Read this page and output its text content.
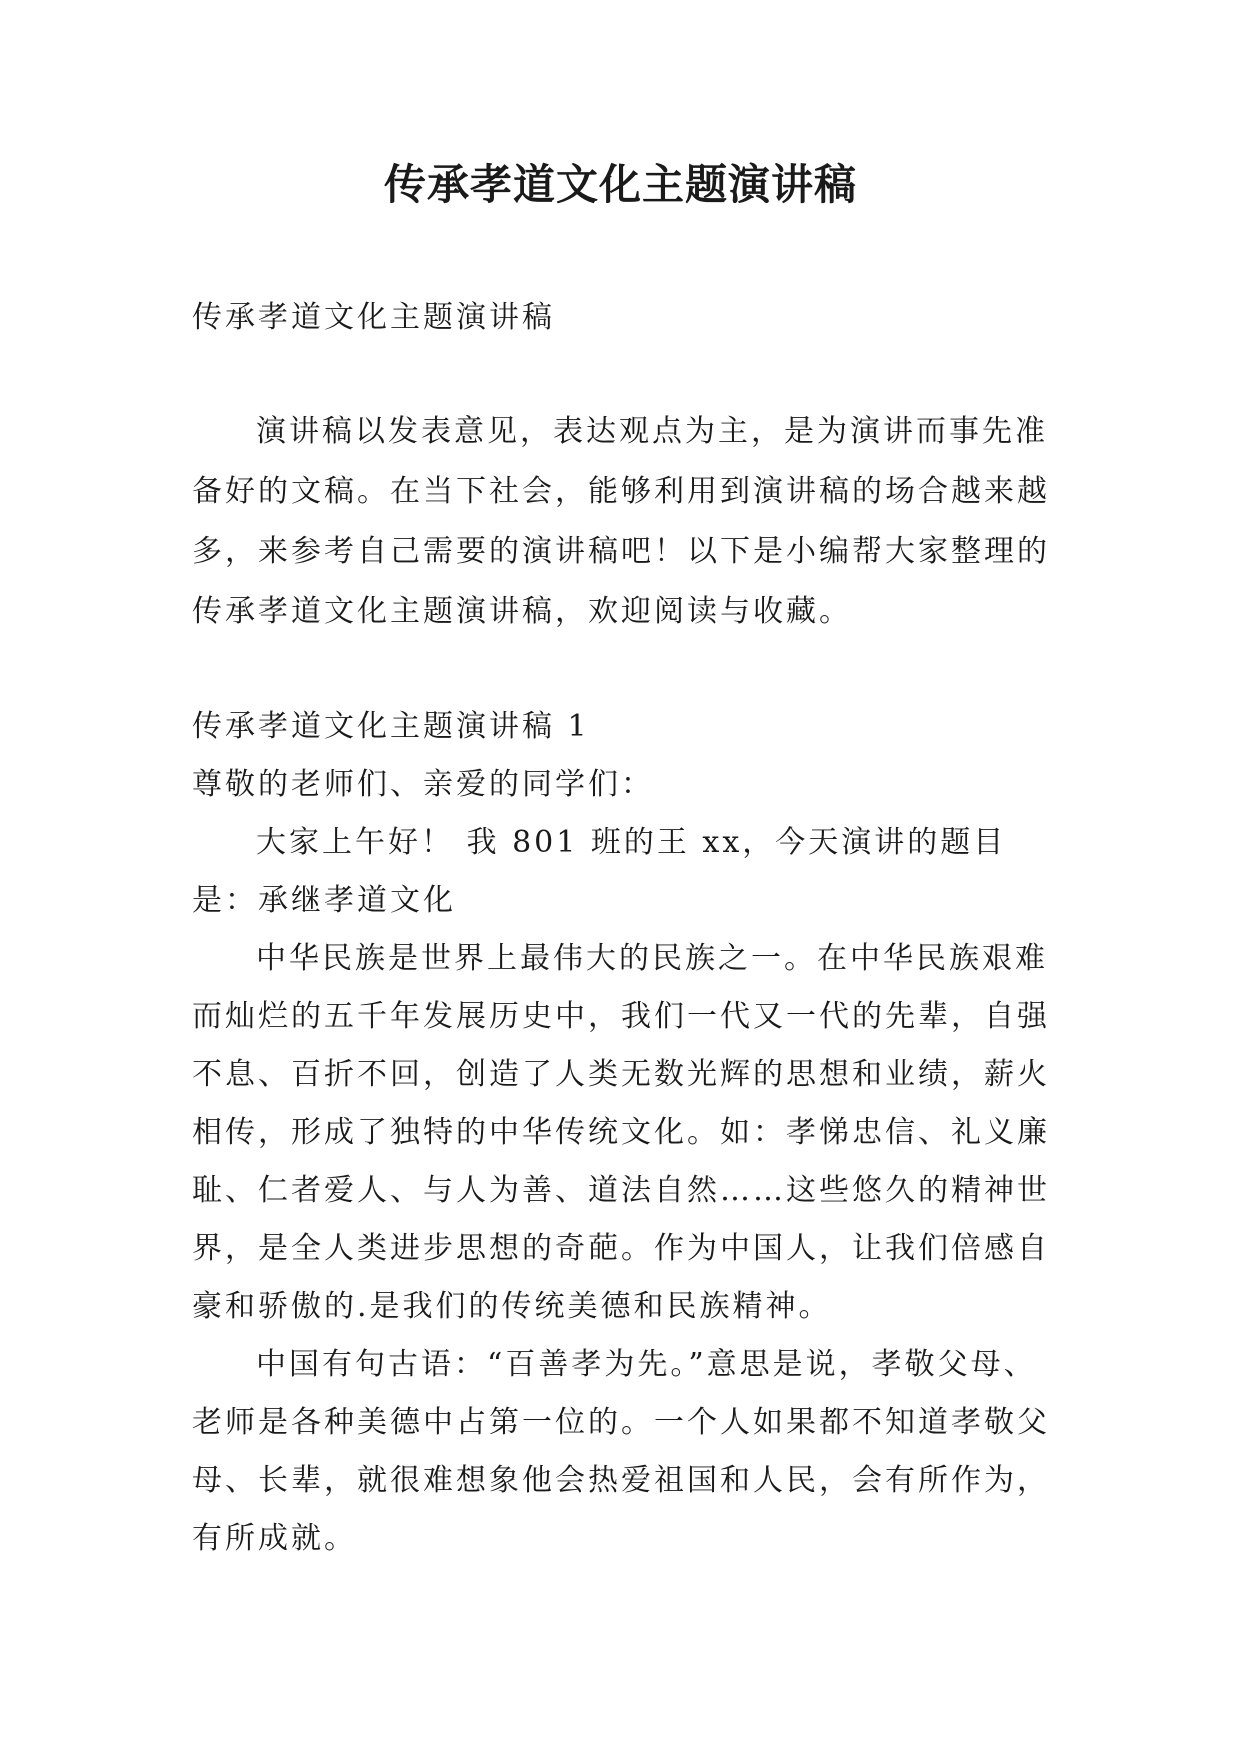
传承孝道文化主题演讲稿

传承孝道文化主题演讲稿

演讲稿以发表意见，表达观点为主，是为演讲而事先准备好的文稿。在当下社会，能够利用到演讲稿的场合越来越多，来参考自己需要的演讲稿吧！以下是小编帮大家整理的传承孝道文化主题演讲稿，欢迎阅读与收藏。

传承孝道文化主题演讲稿 1

尊敬的老师们、亲爱的同学们：

大家上午好！ 我 801 班的王 xx，今天演讲的题目是：承继孝道文化

中华民族是世界上最伟大的民族之一。在中华民族艰难而灿烂的五千年发展历史中，我们一代又一代的先辈，自强不息、百折不回，创造了人类无数光辉的思想和业绩，薪火相传，形成了独特的中华传统文化。如：孝悌忠信、礼义廉耻、仁者爱人、与人为善、道法自然……这些悠久的精神世界，是全人类进步思想的奇葩。作为中国人，让我们倍感自豪和骄傲的.是我们的传统美德和民族精神。

中国有句古语：“百善孝为先。”意思是说，孝敬父母、老师是各种美德中占第一位的。一个人如果都不知道孝敬父母、长辈，就很难想象他会热爱祖国和人民，会有所作为，有所成就。
